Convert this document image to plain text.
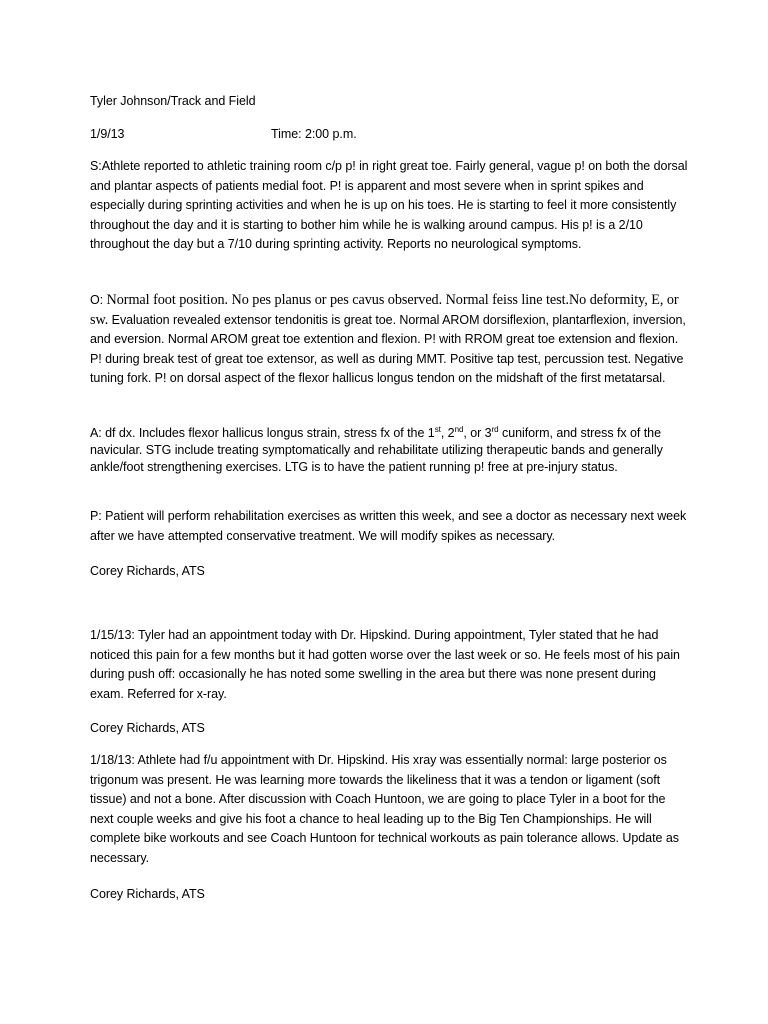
Tyler Johnson/Track and Field

1/9/13	Time: 2:00 p.m.

S:Athlete reported to athletic training room c/p p! in right great toe. Fairly general, vague p! on both the dorsal and plantar aspects of patients medial foot. P! is apparent and most severe when in sprint spikes and especially during sprinting activities and when he is up on his toes. He is starting to feel it more consistently throughout the day and it is starting to bother him while he is walking around campus. His p! is a 2/10 throughout the day but a 7/10 during sprinting activity. Reports no neurological symptoms.

O: Normal foot position. No pes planus or pes cavus observed. Normal feiss line test.No deformity, E, or sw. Evaluation revealed extensor tendonitis is great toe. Normal AROM dorsiflexion, plantarflexion, inversion, and eversion. Normal AROM great toe extention and flexion. P! with RROM great toe extension and flexion. P! during break test of great toe extensor, as well as during MMT. Positive tap test, percussion test. Negative tuning fork. P! on dorsal aspect of the flexor hallicus longus tendon on the midshaft of the first metatarsal.

A: df dx. Includes flexor hallicus longus strain, stress fx of the 1st, 2nd, or 3rd cuniform, and stress fx of the navicular. STG include treating symptomatically and rehabilitate utilizing therapeutic bands and generally ankle/foot strengthening exercises. LTG is to have the patient running p! free at pre-injury status.

P: Patient will perform rehabilitation exercises as written this week, and see a doctor as necessary next week after we have attempted conservative treatment. We will modify spikes as necessary.

Corey Richards, ATS

1/15/13: Tyler had an appointment today with Dr. Hipskind. During appointment, Tyler stated that he had noticed this pain for a few months but it had gotten worse over the last week or so. He feels most of his pain during push off: occasionally he has noted some swelling in the area but there was none present during exam. Referred for x-ray.

Corey Richards, ATS

1/18/13: Athlete had f/u appointment with Dr. Hipskind. His xray was essentially normal: large posterior os trigonum was present. He was learning more towards the likeliness that it was a tendon or ligament (soft tissue) and not a bone. After discussion with Coach Huntoon, we are going to place Tyler in a boot for the next couple weeks and give his foot a chance to heal leading up to the Big Ten Championships. He will complete bike workouts and see Coach Huntoon for technical workouts as pain tolerance allows. Update as necessary.

Corey Richards, ATS
